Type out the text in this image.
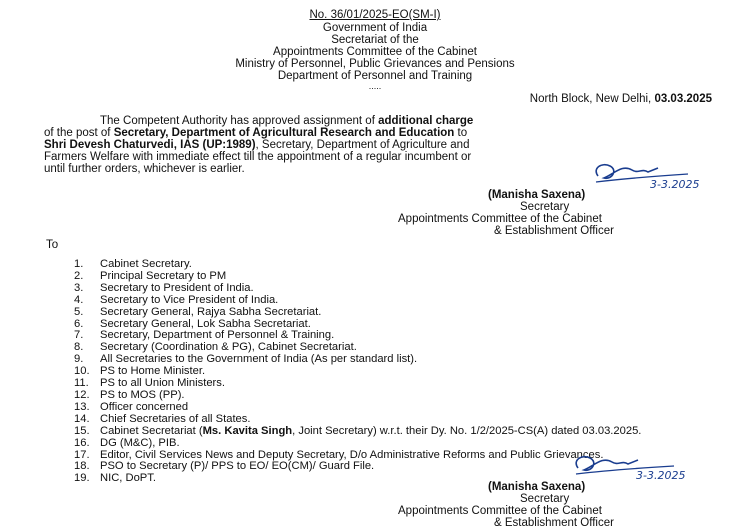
No. 36/01/2025-EO(SM-I)
Government of India
Secretariat of the
Appointments Committee of the Cabinet
Ministry of Personnel, Public Grievances and Pensions
Department of Personnel and Training
.....
North Block, New Delhi, 03.03.2025
The Competent Authority has approved assignment of additional charge
of the post of Secretary, Department of Agricultural Research and Education to
Shri Devesh Chaturvedi, IAS (UP:1989), Secretary, Department of Agriculture and
Farmers Welfare with immediate effect till the appointment of a regular incumbent or
until further orders, whichever is earlier.
3-3.2025
(Manisha Saxena)
Secretary
Appointments Committee of the Cabinet
& Establishment Officer
To
1.	Cabinet Secretary.
2.	Principal Secretary to PM
3.	Secretary to President of India.
4.	Secretary to Vice President of India.
5.	Secretary General, Rajya Sabha Secretariat.
6.	Secretary General, Lok Sabha Secretariat.
7.	Secretary, Department of Personnel & Training.
8.	Secretary (Coordination & PG), Cabinet Secretariat.
9.	All Secretaries to the Government of India (As per standard list).
10. PS to Home Minister.
11.	PS to all Union Ministers.
12. PS to MOS (PP).
13. Officer concerned
14. Chief Secretaries of all States.
15. Cabinet Secretariat (Ms. Kavita Singh, Joint Secretary) w.r.t. their Dy. No. 1/2/2025-CS(A) dated 03.03.2025.
16. DG (M&C), PIB.
17. Editor, Civil Services News and Deputy Secretary, D/o Administrative Reforms and Public Grievances.
18. PSO to Secretary (P)/ PPS to EO/ EO(CM)/ Guard File.
19. NIC, DoPT.	3-3.2025
(Manisha Saxena)
Secretary
Appointments Committee of the Cabinet
& Establishment Officer
